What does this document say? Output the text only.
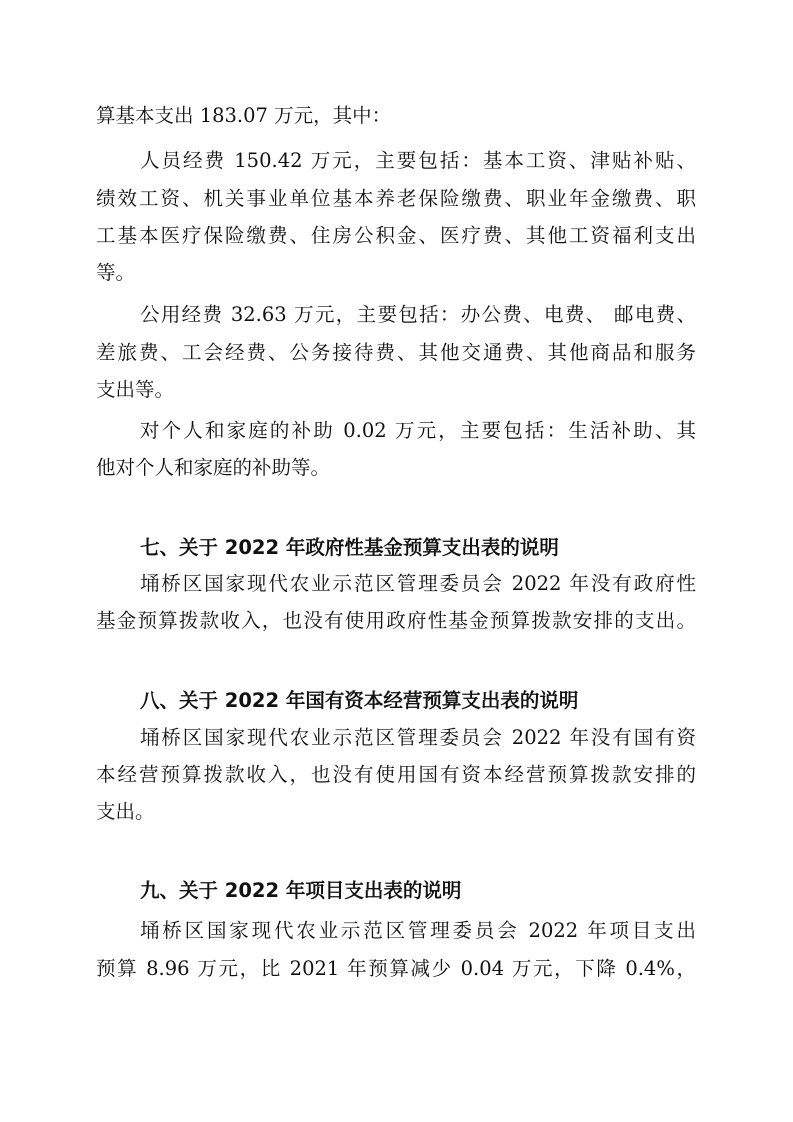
算基本支出 183.07 万元，其中：
人员经费 150.42 万元，主要包括：基本工资、津贴补贴、
绩效工资、机关事业单位基本养老保险缴费、职业年金缴费、职
工基本医疗保险缴费、住房公积金、医疗费、其他工资福利支出
等。
公用经费 32.63 万元，主要包括：办公费、电费、 邮电费、
差旅费、工会经费、公务接待费、其他交通费、其他商品和服务
支出等。
对个人和家庭的补助 0.02 万元，主要包括：生活补助、其
他对个人和家庭的补助等。
七、关于 2022 年政府性基金预算支出表的说明
埇桥区国家现代农业示范区管理委员会 2022 年没有政府性
基金预算拨款收入，也没有使用政府性基金预算拨款安排的支出。
八、关于 2022 年国有资本经营预算支出表的说明
埇桥区国家现代农业示范区管理委员会 2022 年没有国有资
本经营预算拨款收入，也没有使用国有资本经营预算拨款安排的
支出。
九、关于 2022 年项目支出表的说明
埇桥区国家现代农业示范区管理委员会 2022 年项目支出
预算 8.96 万元，比 2021 年预算减少 0.04 万元，下降 0.4%，
